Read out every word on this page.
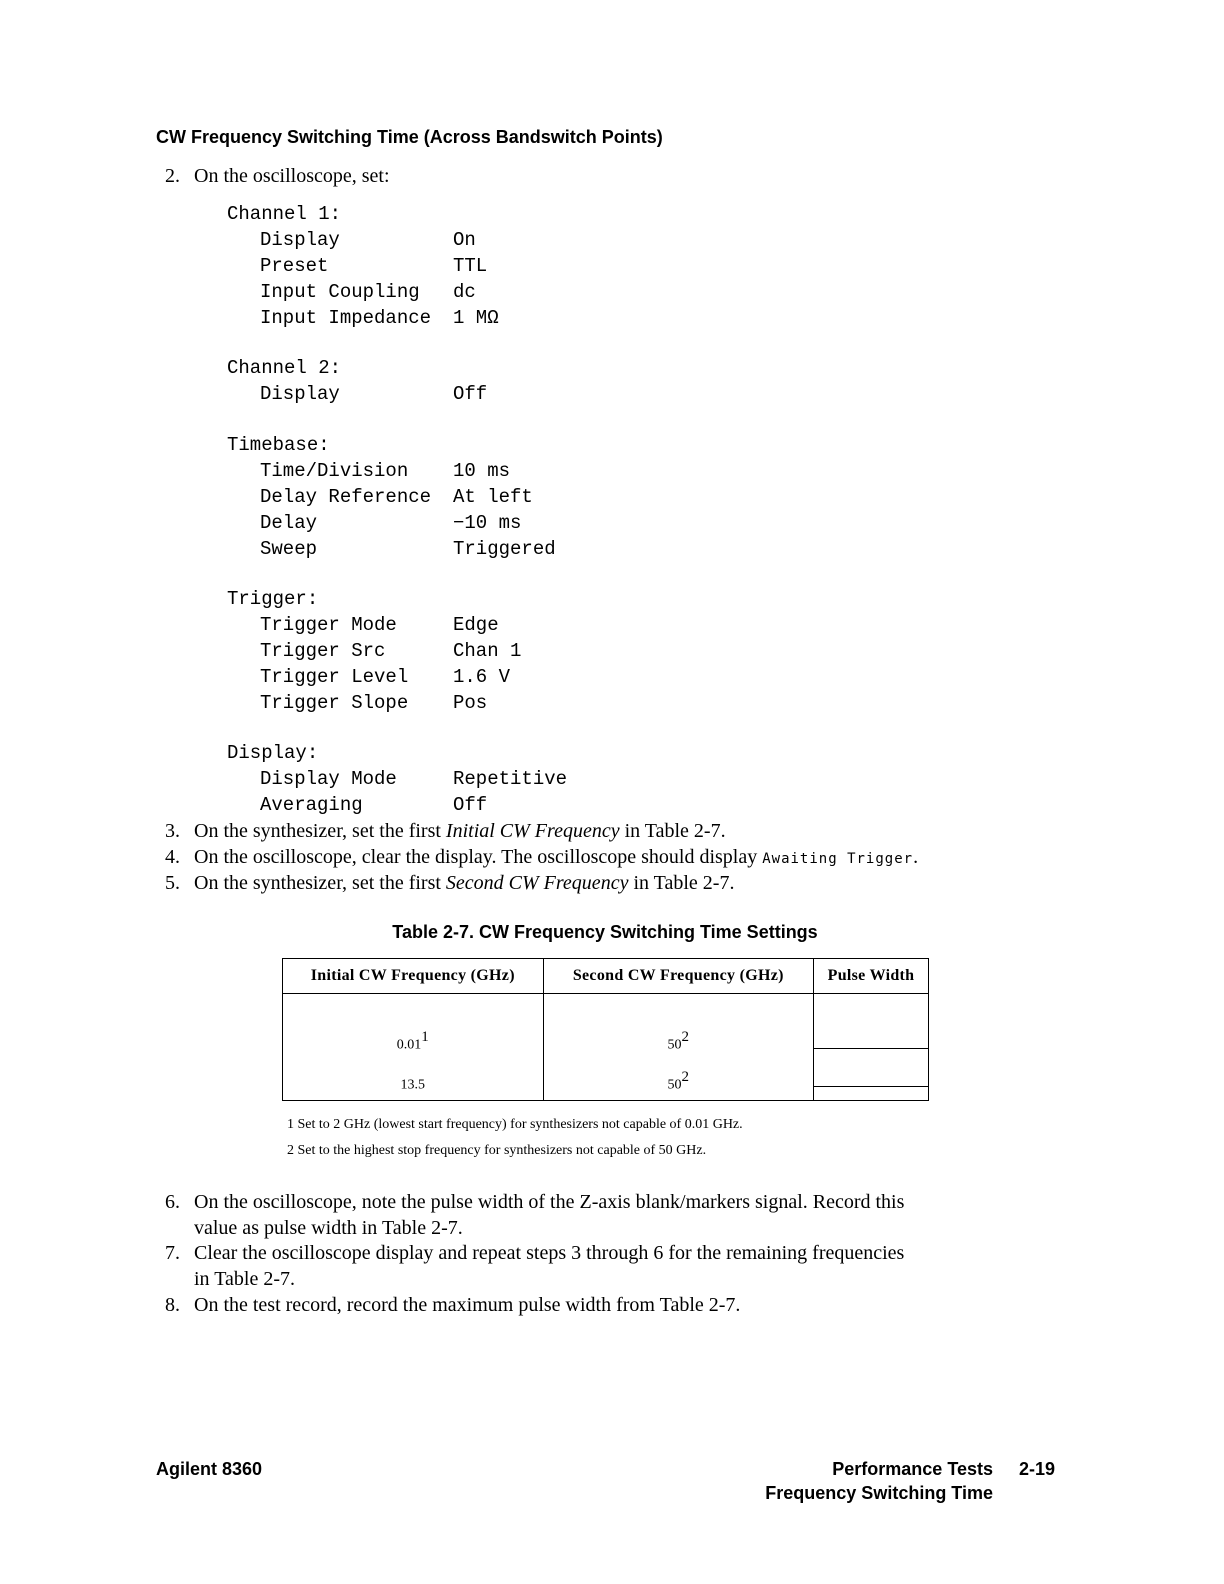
CW Frequency Switching Time (Across Bandswitch Points)
2. On the oscilloscope, set:
Channel 1:
Display	On
Preset	TTL
Input Coupling dc
Input Impedance 1 MΩ
Channel 2:
Display	Off
Timebase:
Time/Division 10 ms
Delay Reference At left
Delay	−10 ms
Sweep	Triggered
Trigger:
Trigger Mode	Edge
Trigger Src	Chan 1
Trigger Level 1.6 V
Trigger Slope Pos
Display:
Display Mode	Repetitive
Averaging	Off
3. On the synthesizer, set the first Initial CW Frequency in Table 2-7.
4. On the oscilloscope, clear the display. The oscilloscope should display Awaiting Trigger.
5. On the synthesizer, set the first Second CW Frequency in Table 2-7.
Table 2-7. CW Frequency Switching Time Settings
Initial CW Frequency (GHz)	Second CW Frequency (GHz)	Pulse Width
0.01$^1$	$50^2$	
13.5	$50^2$	
1 Set to 2 GHz (lowest start frequency) for synthesizers not capable of 0.01 GHz.
2 Set to the highest stop frequency for synthesizers not capable of 50 GHz.
6. On the oscilloscope, note the pulse width of the Z-axis blank/markers signal. Record this
value as pulse width in Table 2-7.
7. Clear the oscilloscope display and repeat steps 3 through 6 for the remaining frequencies
in Table 2-7.
8. On the test record, record the maximum pulse width from Table 2-7.
Agilent 8360	Performance Tests 2-19
Frequency Switching Time
